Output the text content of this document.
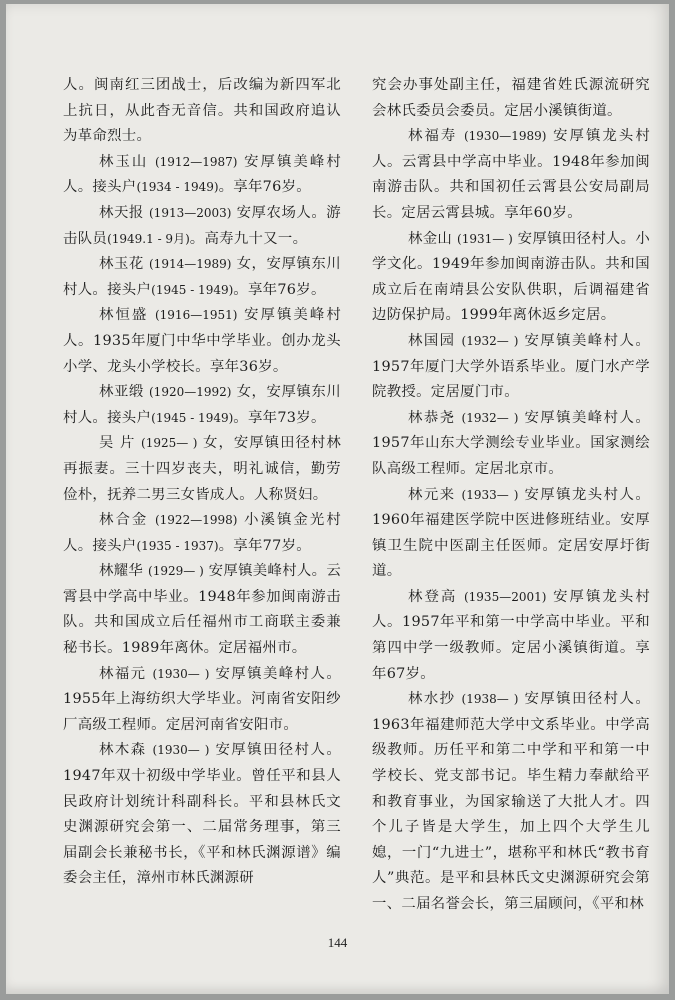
人。闽南红三团战士，后改编为新四军北上抗日，从此杳无音信。共和国政府追认为革命烈士。
林玉山 (1912—1987) 安厚镇美峰村人。接头户(1934 - 1949)。享年76岁。
林天报 (1913—2003) 安厚农场人。游击队员(1949.1 - 9月)。高寿九十又一。
林玉花 (1914—1989) 女，安厚镇东川村人。接头户(1945 - 1949)。享年76岁。
林恒盛 (1916—1951) 安厚镇美峰村人。1935年厦门中华中学毕业。创办龙头小学、龙头小学校长。享年36岁。
林亚缎 (1920—1992) 女，安厚镇东川村人。接头户(1945 - 1949)。享年73岁。
吴 片 (1925— ) 女，安厚镇田径村林再振妻。三十四岁丧夫，明礼诚信，勤劳俭朴，抚养二男三女皆成人。人称贤妇。
林合金 (1922—1998) 小溪镇金光村人。接头户(1935 - 1937)。享年77岁。
林耀华 (1929— ) 安厚镇美峰村人。云霄县中学高中毕业。1948年参加闽南游击队。共和国成立后任福州市工商联主委兼秘书长。1989年离休。定居福州市。
林福元 (1930— ) 安厚镇美峰村人。1955年上海纺织大学毕业。河南省安阳纱厂高级工程师。定居河南省安阳市。
林木森 (1930— ) 安厚镇田径村人。1947年双十初级中学毕业。曾任平和县人民政府计划统计科副科长。平和县林氏文史渊源研究会第一、二届常务理事，第三届副会长兼秘书长，《平和林氏渊源谱》编委会主任，漳州市林氏渊源研
究会办事处副主任，福建省姓氏源流研究会林氏委员会委员。定居小溪镇街道。
林福寿 (1930—1989) 安厚镇龙头村人。云霄县中学高中毕业。1948年参加闽南游击队。共和国初任云霄县公安局副局长。定居云霄县城。享年60岁。
林金山 (1931— ) 安厚镇田径村人。小学文化。1949年参加闽南游击队。共和国成立后在南靖县公安队供职，后调福建省边防保护局。1999年离休返乡定居。
林国园 (1932— ) 安厚镇美峰村人。1957年厦门大学外语系毕业。厦门水产学院教授。定居厦门市。
林恭尧 (1932— ) 安厚镇美峰村人。1957年山东大学测绘专业毕业。国家测绘队高级工程师。定居北京市。
林元来 (1933— ) 安厚镇龙头村人。1960年福建医学院中医进修班结业。安厚镇卫生院中医副主任医师。定居安厚圩街道。
林登高 (1935—2001) 安厚镇龙头村人。1957年平和第一中学高中毕业。平和第四中学一级教师。定居小溪镇街道。享年67岁。
林水抄 (1938— ) 安厚镇田径村人。1963年福建师范大学中文系毕业。中学高级教师。历任平和第二中学和平和第一中学校长、党支部书记。毕生精力奉献给平和教育事业，为国家输送了大批人才。四个儿子皆是大学生，加上四个大学生儿媳，一门“九进士”，堪称平和林氏“教书育人”典范。是平和县林氏文史渊源研究会第一、二届名誉会长，第三届顾问，《平和林
144
